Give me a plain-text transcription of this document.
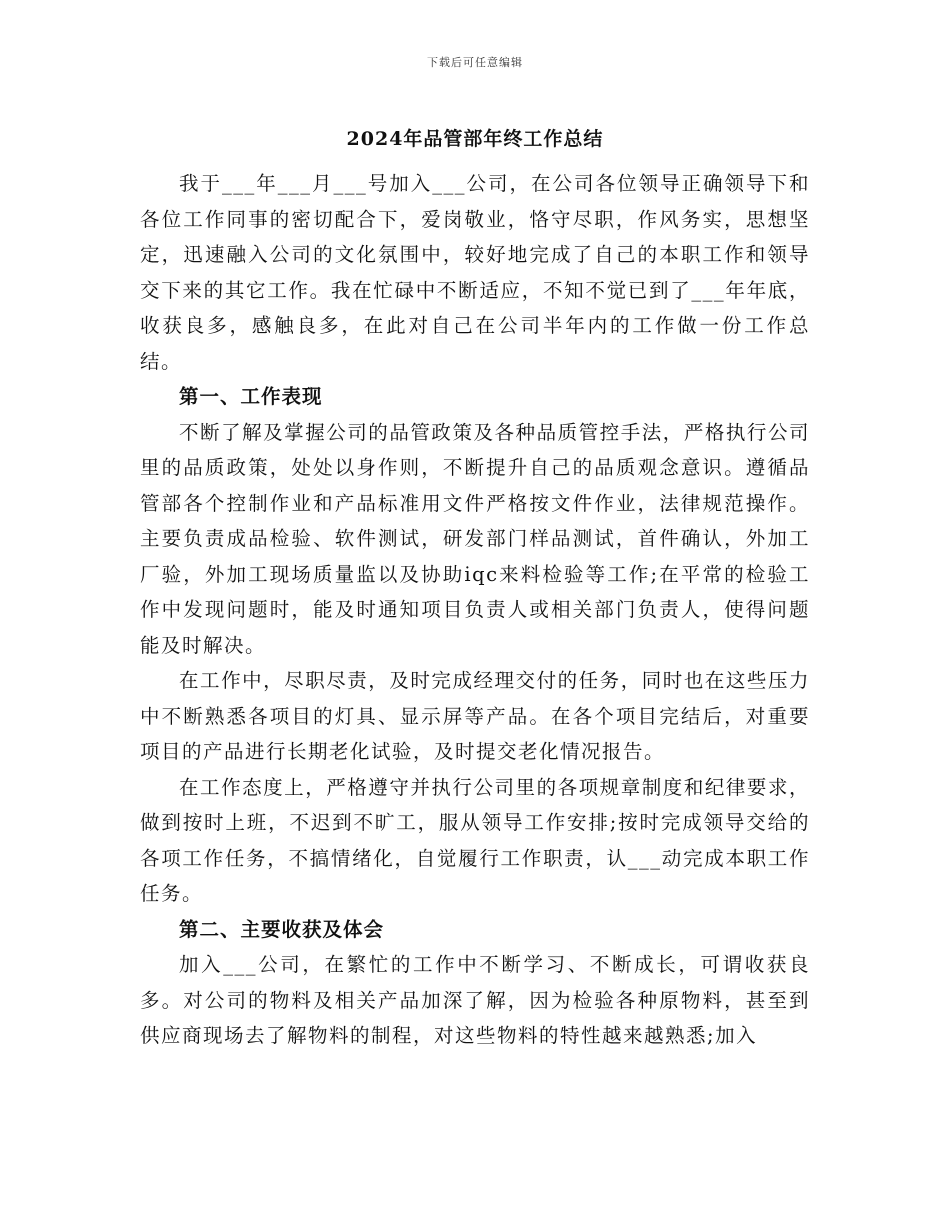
下载后可任意编辑
2024年品管部年终工作总结

我于___年___月___号加入___公司，在公司各位领导正确领导下和各位工作同事的密切配合下，爱岗敬业，恪守尽职，作风务实，思想坚定，迅速融入公司的文化氛围中，较好地完成了自己的本职工作和领导交下来的其它工作。我在忙碌中不断适应，不知不觉已到了___年年底，收获良多，感触良多，在此对自己在公司半年内的工作做一份工作总结。

第一、工作表现

不断了解及掌握公司的品管政策及各种品质管控手法，严格执行公司里的品质政策，处处以身作则，不断提升自己的品质观念意识。遵循品管部各个控制作业和产品标准用文件严格按文件作业，法律规范操作。主要负责成品检验、软件测试，研发部门样品测试，首件确认，外加工厂验，外加工现场质量监以及协助iqc来料检验等工作;在平常的检验工作中发现问题时，能及时通知项目负责人或相关部门负责人，使得问题能及时解决。

在工作中，尽职尽责，及时完成经理交付的任务，同时也在这些压力中不断熟悉各项目的灯具、显示屏等产品。在各个项目完结后，对重要项目的产品进行长期老化试验，及时提交老化情况报告。

在工作态度上，严格遵守并执行公司里的各项规章制度和纪律要求，做到按时上班，不迟到不旷工，服从领导工作安排;按时完成领导交给的各项工作任务，不搞情绪化，自觉履行工作职责，认___动完成本职工作任务。

第二、主要收获及体会

加入___公司，在繁忙的工作中不断学习、不断成长，可谓收获良多。对公司的物料及相关产品加深了解，因为检验各种原物料，甚至到供应商现场去了解物料的制程，对这些物料的特性越来越熟悉;加入
